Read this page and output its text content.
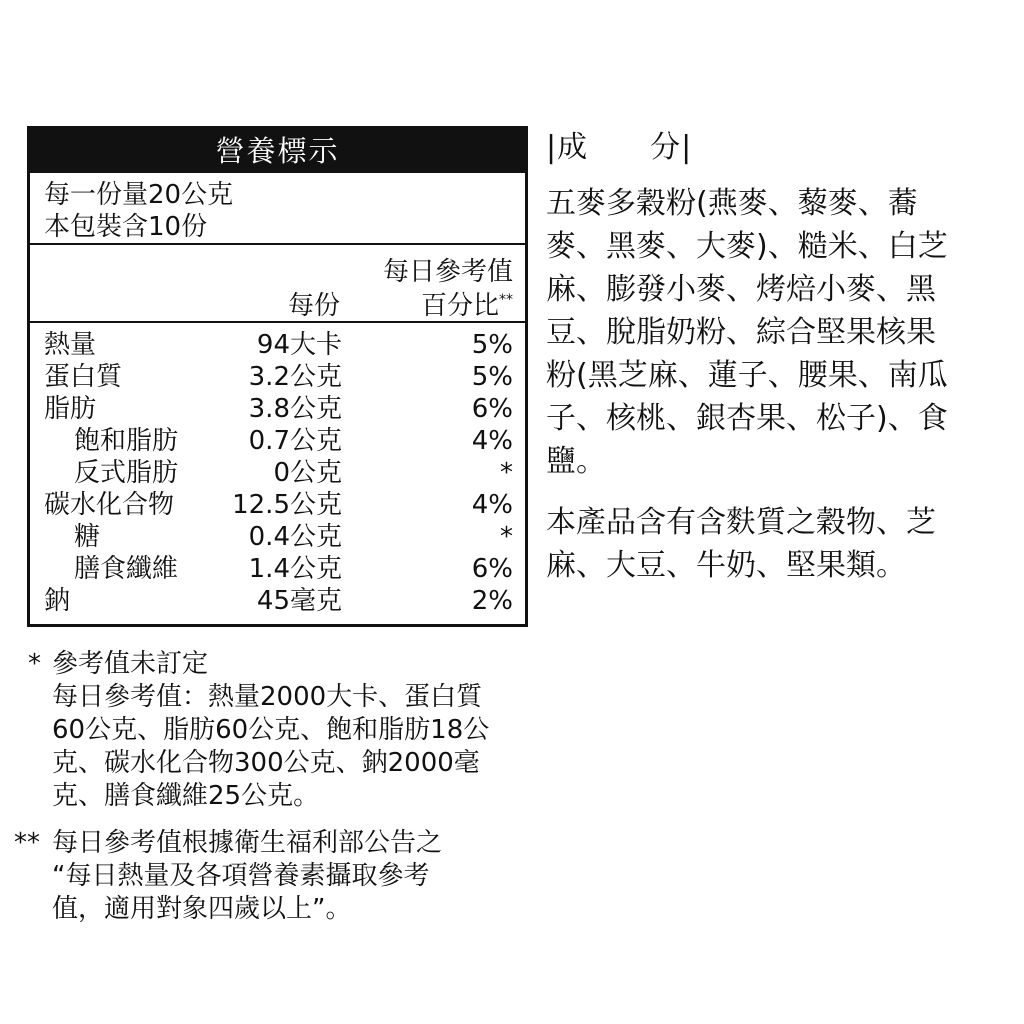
營養標示
每一份量20公克
本包裝含10份
每日參考值
每份	百分比**
熱量	94大卡	5%
蛋白質	3.2公克	5%
脂肪	3.8公克	6%
飽和脂肪	0.7公克	4%
反式脂肪	0公克	*
碳水化合物 12.5公克	4%
糖	0.4公克	*
膳食纖維	1.4公克	6%
鈉	45毫克	2%
* 參考值未訂定
每日參考值：熱量2000大卡、蛋白質
60公克、脂肪60公克、飽和脂肪18公
克、碳水化合物300公克、鈉2000毫
克、膳食纖維25公克。
** 每日參考值根據衛生福利部公告之
“每日熱量及各項營養素攝取參考
值，適用對象四歲以上”。
|成　　分|
五麥多穀粉(燕麥、藜麥、蕎
麥、黑麥、大麥)、糙米、白芝
麻、膨發小麥、烤焙小麥、黑
豆、脫脂奶粉、綜合堅果核果
粉(黑芝麻、蓮子、腰果、南瓜
子、核桃、銀杏果、松子)、食
鹽。
本產品含有含麩質之穀物、芝
麻、大豆、牛奶、堅果類。
